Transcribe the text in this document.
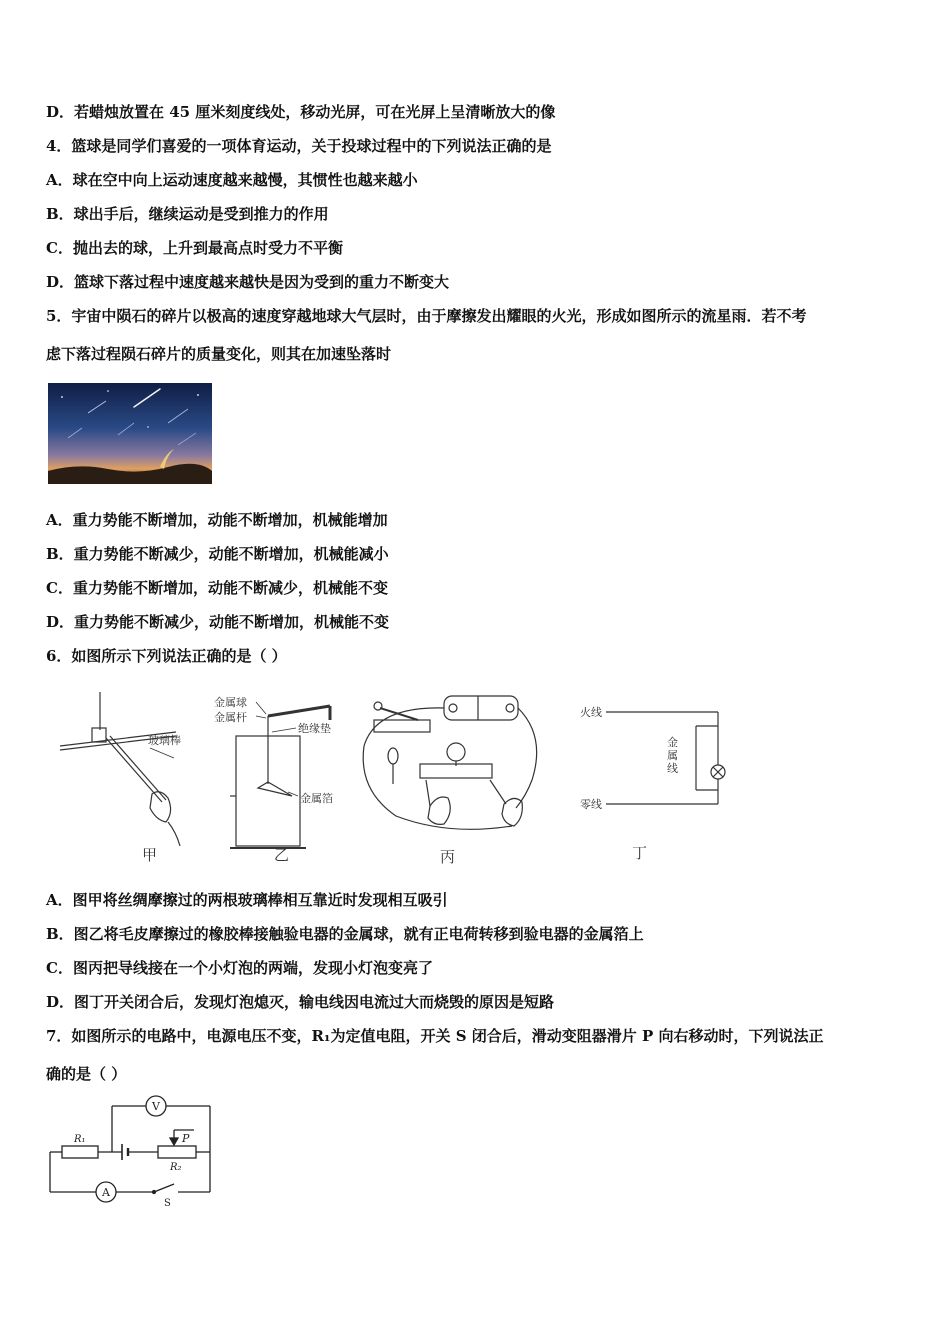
D．若蜡烛放置在 45 厘米刻度线处，移动光屏，可在光屏上呈清晰放大的像
4．篮球是同学们喜爱的一项体育运动，关于投球过程中的下列说法正确的是
A．球在空中向上运动速度越来越慢，其惯性也越来越小
B．球出手后，继续运动是受到推力的作用
C．抛出去的球，上升到最高点时受力不平衡
D．篮球下落过程中速度越来越快是因为受到的重力不断变大
5．宇宙中陨石的碎片以极高的速度穿越地球大气层时，由于摩擦发出耀眼的火光，形成如图所示的流星雨．若不考
虑下落过程陨石碎片的质量变化，则其在加速坠落时
A．重力势能不断增加，动能不断增加，机械能增加
B．重力势能不断减少，动能不断增加，机械能减小
C．重力势能不断增加，动能不断减少，机械能不变
D．重力势能不断减少，动能不断增加，机械能不变
6．如图所示下列说法正确的是（ ）
玻璃棒
金属球
金属杆
绝缘垫
金属箔
火线
零线
金属线
甲	乙	丙	丁
A．图甲将丝绸摩擦过的两根玻璃棒相互靠近时发现相互吸引
B．图乙将毛皮摩擦过的橡胶棒接触验电器的金属球，就有正电荷转移到验电器的金属箔上
C．图丙把导线接在一个小灯泡的两端，发现小灯泡变亮了
D．图丁开关闭合后，发现灯泡熄灭，输电线因电流过大而烧毁的原因是短路
7．如图所示的电路中，电源电压不变，R₁为定值电阻，开关 S 闭合后，滑动变阻器滑片 P 向右移动时，下列说法正
确的是（ ）
V
A
R₁
R₂
P
S
